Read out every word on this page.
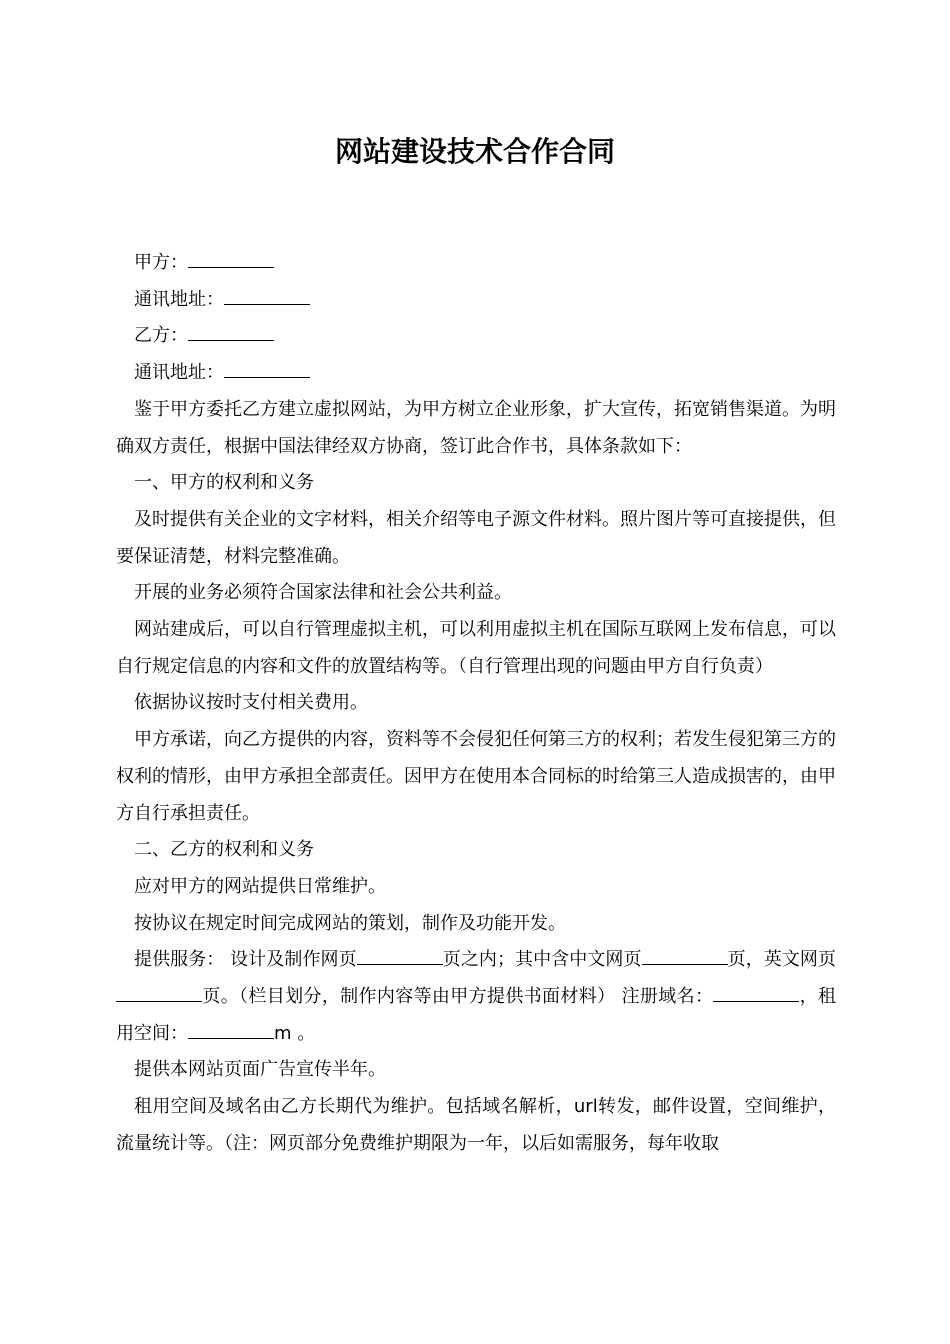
网站建设技术合作合同

甲方：

通讯地址：

乙方：

通讯地址：

鉴于甲方委托乙方建立虚拟网站，为甲方树立企业形象，扩大宣传，拓宽销售渠道。为明确双方责任，根据中国法律经双方协商，签订此合作书，具体条款如下：

一、甲方的权利和义务

及时提供有关企业的文字材料，相关介绍等电子源文件材料。照片图片等可直接提供，但要保证清楚，材料完整准确。

开展的业务必须符合国家法律和社会公共利益。

网站建成后，可以自行管理虚拟主机，可以利用虚拟主机在国际互联网上发布信息，可以自行规定信息的内容和文件的放置结构等。（自行管理出现的问题由甲方自行负责）

依据协议按时支付相关费用。

甲方承诺，向乙方提供的内容，资料等不会侵犯任何第三方的权利；若发生侵犯第三方的权利的情形，由甲方承担全部责任。因甲方在使用本合同标的时给第三人造成损害的，由甲方自行承担责任。

二、乙方的权利和义务

应对甲方的网站提供日常维护。

按协议在规定时间完成网站的策划，制作及功能开发。

提供服务： 设计及制作网页	页之内；其中含中文网页	页，英文网页页。（栏目划分，制作内容等由甲方提供书面材料） 注册域名：	，租用空间：	m 。

提供本网站页面广告宣传半年。

租用空间及域名由乙方长期代为维护。包括域名解析，url转发，邮件设置，空间维护，流量统计等。（注：网页部分免费维护期限为一年，以后如需服务，每年收取
